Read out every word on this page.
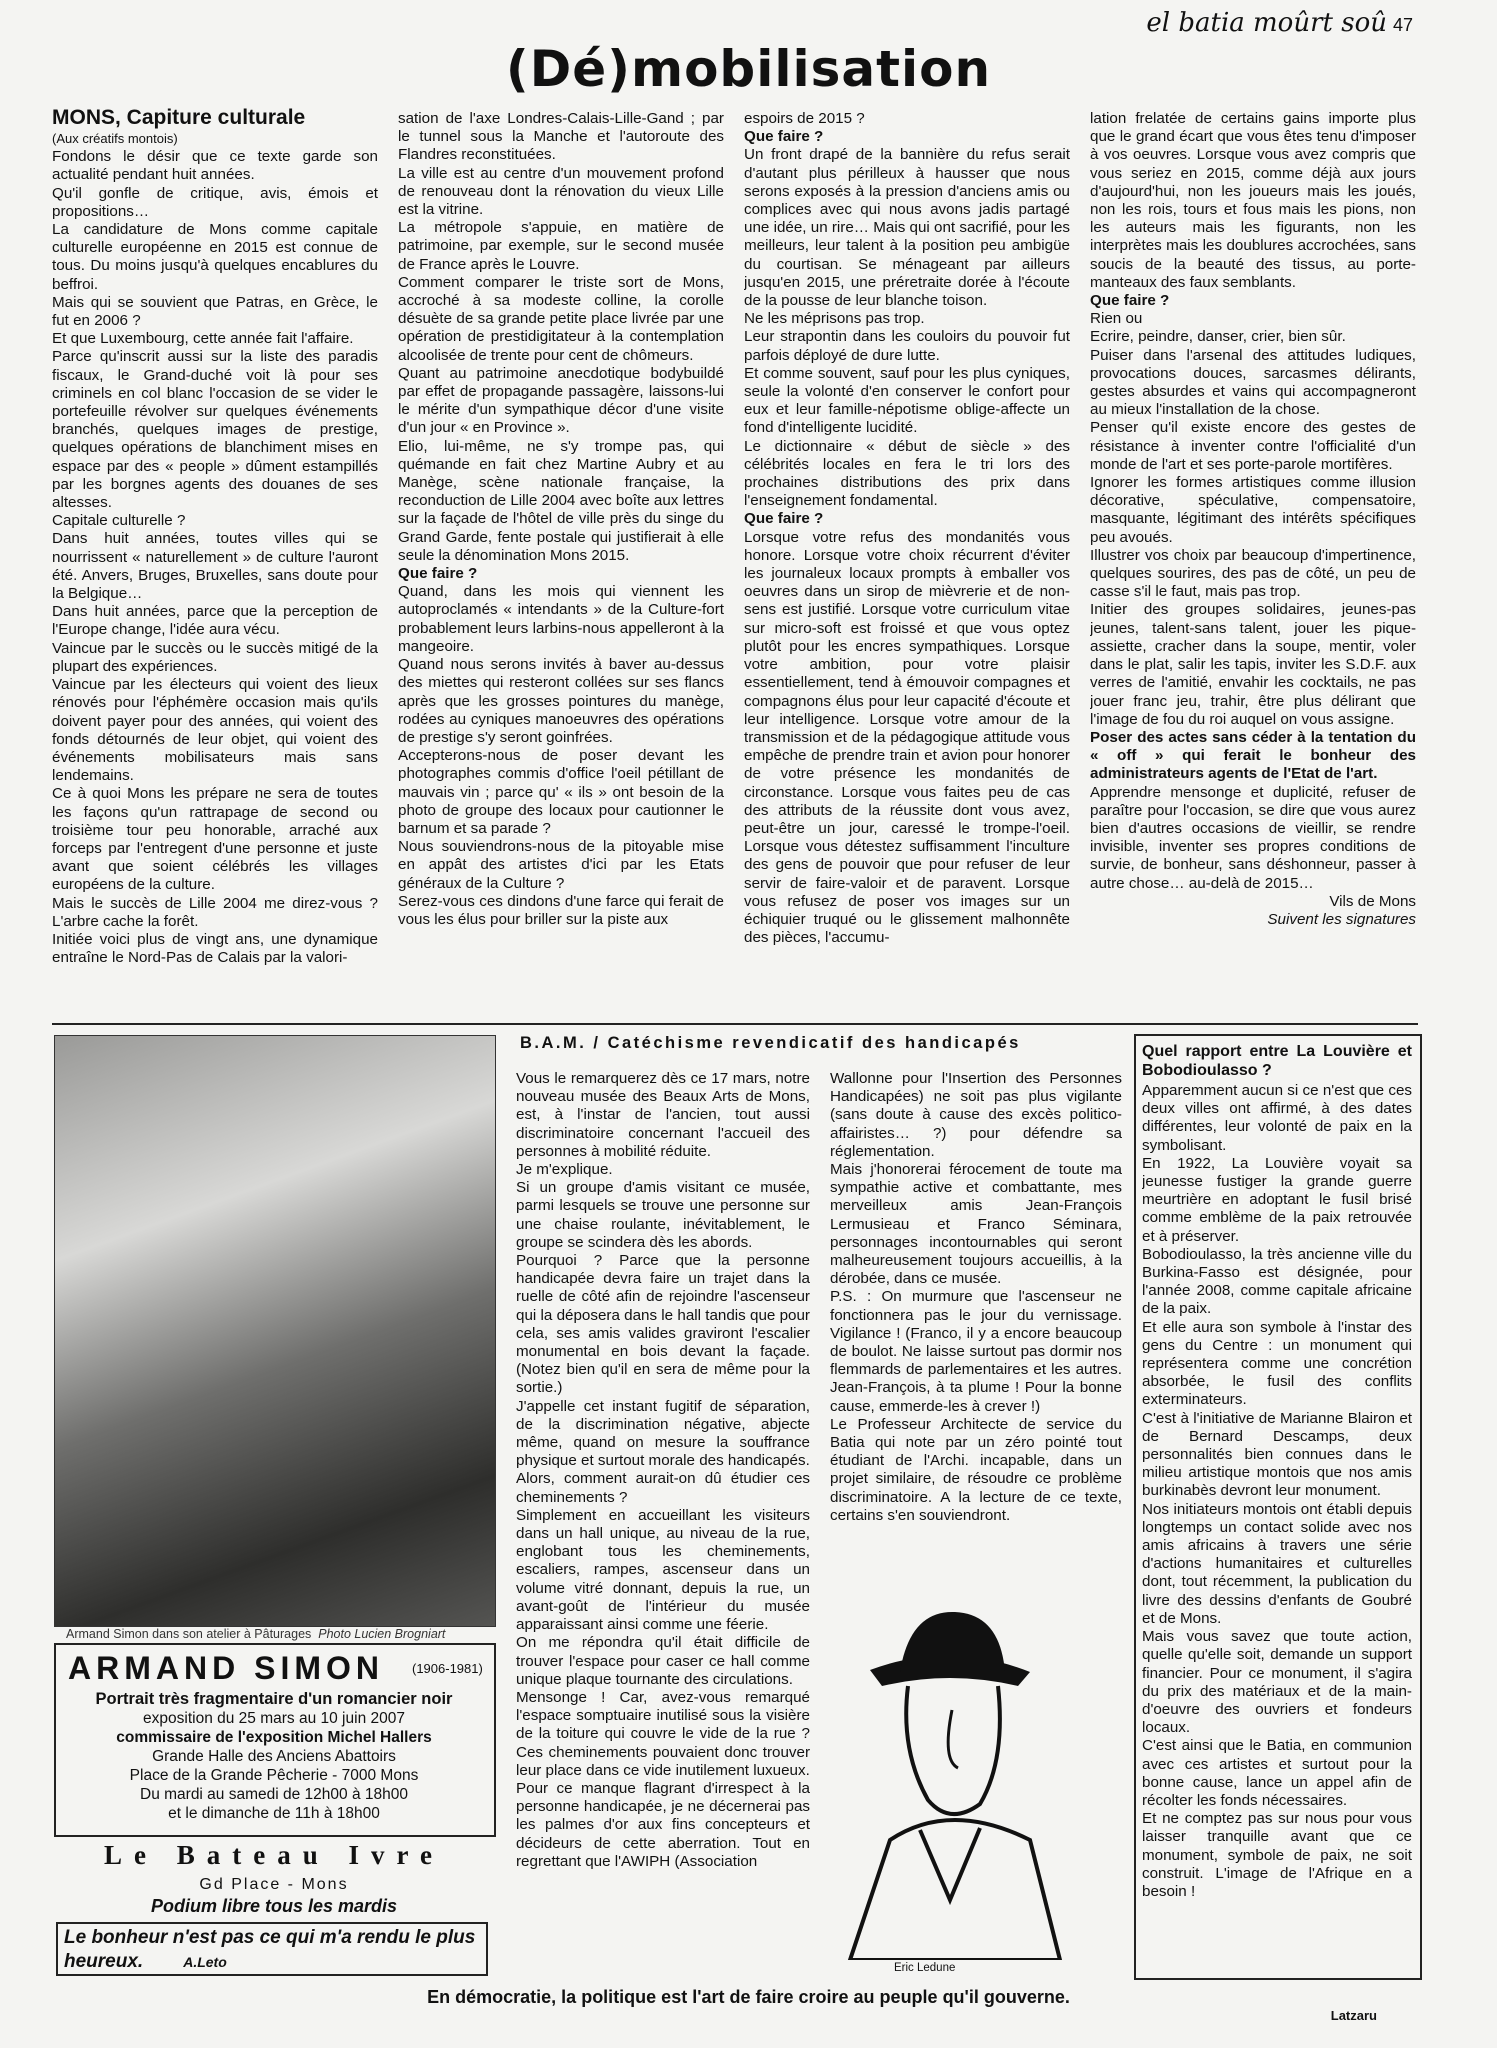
el batia moûrt soû 47
(Dé)mobilisation
MONS, Capiture culturale

(Aux créatifs montois)

Fondons le désir que ce texte garde son actualité pendant huit années.

Qu'il gonfle de critique, avis, émois et propositions…

La candidature de Mons comme capitale culturelle européenne en 2015 est connue de tous. Du moins jusqu'à quelques encablures du beffroi.

Mais qui se souvient que Patras, en Grèce, le fut en 2006 ?

Et que Luxembourg, cette année fait l'affaire.

Parce qu'inscrit aussi sur la liste des paradis fiscaux, le Grand-duché voit là pour ses criminels en col blanc l'occasion de se vider le portefeuille révolver sur quelques événements branchés, quelques images de prestige, quelques opérations de blanchiment mises en espace par des « people » dûment estampillés par les borgnes agents des douanes de ses altesses.

Capitale culturelle ?

Dans huit années, toutes villes qui se nourrissent « naturellement » de culture l'auront été. Anvers, Bruges, Bruxelles, sans doute pour la Belgique…

Dans huit années, parce que la perception de l'Europe change, l'idée aura vécu.

Vaincue par le succès ou le succès mitigé de la plupart des expériences.

Vaincue par les électeurs qui voient des lieux rénovés pour l'éphémère occasion mais qu'ils doivent payer pour des années, qui voient des fonds détournés de leur objet, qui voient des événements mobilisateurs mais sans lendemains.

Ce à quoi Mons les prépare ne sera de toutes les façons qu'un rattrapage de second ou troisième tour peu honorable, arraché aux forceps par l'entregent d'une personne et juste avant que soient célébrés les villages européens de la culture.

Mais le succès de Lille 2004 me direz-vous ? L'arbre cache la forêt.

Initiée voici plus de vingt ans, une dynamique entraîne le Nord-Pas de Calais par la valori-

sation de l'axe Londres-Calais-Lille-Gand ; par le tunnel sous la Manche et l'autoroute des Flandres reconstituées.

La ville est au centre d'un mouvement profond de renouveau dont la rénovation du vieux Lille est la vitrine.

La métropole s'appuie, en matière de patrimoine, par exemple, sur le second musée de France après le Louvre.

Comment comparer le triste sort de Mons, accroché à sa modeste colline, la corolle désuète de sa grande petite place livrée par une opération de prestidigitateur à la contemplation alcoolisée de trente pour cent de chômeurs.

Quant au patrimoine anecdotique bodybuildé par effet de propagande passagère, laissons-lui le mérite d'un sympathique décor d'une visite d'un jour « en Province ».

Elio, lui-même, ne s'y trompe pas, qui quémande en fait chez Martine Aubry et au Manège, scène nationale française, la reconduction de Lille 2004 avec boîte aux lettres sur la façade de l'hôtel de ville près du singe du Grand Garde, fente postale qui justifierait à elle seule la dénomination Mons 2015.

Que faire ?

Quand, dans les mois qui viennent les autoproclamés « intendants » de la Culture-fort probablement leurs larbins-nous appelleront à la mangeoire.

Quand nous serons invités à baver au-dessus des miettes qui resteront collées sur ses flancs après que les grosses pointures du manège, rodées au cyniques manoeuvres des opérations de prestige s'y seront goinfrées.

Accepterons-nous de poser devant les photographes commis d'office l'oeil pétillant de mauvais vin ; parce qu' « ils » ont besoin de la photo de groupe des locaux pour cautionner le barnum et sa parade ?

Nous souviendrons-nous de la pitoyable mise en appât des artistes d'ici par les Etats généraux de la Culture ?

Serez-vous ces dindons d'une farce qui ferait de vous les élus pour briller sur la piste aux

espoirs de 2015 ?

Que faire ?

Un front drapé de la bannière du refus serait d'autant plus périlleux à hausser que nous serons exposés à la pression d'anciens amis ou complices avec qui nous avons jadis partagé une idée, un rire… Mais qui ont sacrifié, pour les meilleurs, leur talent à la position peu ambigüe du courtisan. Se ménageant par ailleurs jusqu'en 2015, une préretraite dorée à l'écoute de la pousse de leur blanche toison.

Ne les méprisons pas trop.

Leur strapontin dans les couloirs du pouvoir fut parfois déployé de dure lutte.

Et comme souvent, sauf pour les plus cyniques, seule la volonté d'en conserver le confort pour eux et leur famille-népotisme oblige-affecte un fond d'intelligente lucidité.

Le dictionnaire « début de siècle » des célébrités locales en fera le tri lors des prochaines distributions des prix dans l'enseignement fondamental.

Que faire ?

Lorsque votre refus des mondanités vous honore. Lorsque votre choix récurrent d'éviter les journaleux locaux prompts à emballer vos oeuvres dans un sirop de mièvrerie et de non-sens est justifié. Lorsque votre curriculum vitae sur micro-soft est froissé et que vous optez plutôt pour les encres sympathiques. Lorsque votre ambition, pour votre plaisir essentiellement, tend à émouvoir compagnes et compagnons élus pour leur capacité d'écoute et leur intelligence. Lorsque votre amour de la transmission et de la pédagogique attitude vous empêche de prendre train et avion pour honorer de votre présence les mondanités de circonstance. Lorsque vous faites peu de cas des attributs de la réussite dont vous avez, peut-être un jour, caressé le trompe-l'oeil. Lorsque vous détestez suffisamment l'inculture des gens de pouvoir que pour refuser de leur servir de faire-valoir et de paravent. Lorsque vous refusez de poser vos images sur un échiquier truqué ou le glissement malhonnête des pièces, l'accumu-

lation frelatée de certains gains importe plus que le grand écart que vous êtes tenu d'imposer à vos oeuvres. Lorsque vous avez compris que vous seriez en 2015, comme déjà aux jours d'aujourd'hui, non les joueurs mais les joués, non les rois, tours et fous mais les pions, non les auteurs mais les figurants, non les interprètes mais les doublures accrochées, sans soucis de la beauté des tissus, au porte-manteaux des faux semblants.

Que faire ?

Rien ou

Ecrire, peindre, danser, crier, bien sûr.

Puiser dans l'arsenal des attitudes ludiques, provocations douces, sarcasmes délirants, gestes absurdes et vains qui accompagneront au mieux l'installation de la chose.

Penser qu'il existe encore des gestes de résistance à inventer contre l'officialité d'un monde de l'art et ses porte-parole mortifères.

Ignorer les formes artistiques comme illusion décorative, spéculative, compensatoire, masquante, légitimant des intérêts spécifiques peu avoués.

Illustrer vos choix par beaucoup d'impertinence, quelques sourires, des pas de côté, un peu de casse s'il le faut, mais pas trop.

Initier des groupes solidaires, jeunes-pas jeunes, talent-sans talent, jouer les pique-assiette, cracher dans la soupe, mentir, voler dans le plat, salir les tapis, inviter les S.D.F. aux verres de l'amitié, envahir les cocktails, ne pas jouer franc jeu, trahir, être plus délirant que l'image de fou du roi auquel on vous assigne.

Poser des actes sans céder à la tentation du « off » qui ferait le bonheur des administrateurs agents de l'Etat de l'art.

Apprendre mensonge et duplicité, refuser de paraître pour l'occasion, se dire que vous aurez bien d'autres occasions de vieillir, se rendre invisible, inventer ses propres conditions de survie, de bonheur, sans déshonneur, passer à autre chose… au-delà de 2015…

Vils de Mons

Suivent les signatures

Armand Simon dans son atelier à Pâturages Photo Lucien Brogniart
ARMAND SIMON (1906-1981)
Portrait très fragmentaire d'un romancier noir
exposition du 25 mars au 10 juin 2007
commissaire de l'exposition Michel Hallers
Grande Halle des Anciens Abattoirs
Place de la Grande Pêcherie - 7000 Mons
Du mardi au samedi de 12h00 à 18h00
et le dimanche de 11h à 18h00
Le Bateau Ivre
Gd Place - Mons
Podium libre tous les mardis
Le bonheur n'est pas ce qui m'a rendu le plus heureux.	A.Leto
B.A.M. / Catéchisme revendicatif des handicapés

Vous le remarquerez dès ce 17 mars, notre nouveau musée des Beaux Arts de Mons, est, à l'instar de l'ancien, tout aussi discriminatoire concernant l'accueil des personnes à mobilité réduite.

Je m'explique.

Si un groupe d'amis visitant ce musée, parmi lesquels se trouve une personne sur une chaise roulante, inévitablement, le groupe se scindera dès les abords.

Pourquoi ? Parce que la personne handicapée devra faire un trajet dans la ruelle de côté afin de rejoindre l'ascenseur qui la déposera dans le hall tandis que pour cela, ses amis valides graviront l'escalier monumental en bois devant la façade. (Notez bien qu'il en sera de même pour la sortie.)

J'appelle cet instant fugitif de séparation, de la discrimination négative, abjecte même, quand on mesure la souffrance physique et surtout morale des handicapés.

Alors, comment aurait-on dû étudier ces cheminements ?

Simplement en accueillant les visiteurs dans un hall unique, au niveau de la rue, englobant tous les cheminements, escaliers, rampes, ascenseur dans un volume vitré donnant, depuis la rue, un avant-goût de l'intérieur du musée apparaissant ainsi comme une féerie.

On me répondra qu'il était difficile de trouver l'espace pour caser ce hall comme unique plaque tournante des circulations.

Mensonge ! Car, avez-vous remarqué l'espace somptuaire inutilisé sous la visière de la toiture qui couvre le vide de la rue ? Ces cheminements pouvaient donc trouver leur place dans ce vide inutilement luxueux.

Pour ce manque flagrant d'irrespect à la personne handicapée, je ne décernerai pas les palmes d'or aux fins concepteurs et décideurs de cette aberration. Tout en regrettant que l'AWIPH (Association

Wallonne pour l'Insertion des Personnes Handicapées) ne soit pas plus vigilante (sans doute à cause des excès politico-affairistes… ?) pour défendre sa réglementation.

Mais j'honorerai férocement de toute ma sympathie active et combattante, mes merveilleux amis Jean-François Lermusieau et Franco Séminara, personnages incontournables qui seront malheureusement toujours accueillis, à la dérobée, dans ce musée.

P.S. : On murmure que l'ascenseur ne fonctionnera pas le jour du vernissage. Vigilance ! (Franco, il y a encore beaucoup de boulot. Ne laisse surtout pas dormir nos flemmards de parlementaires et les autres. Jean-François, à ta plume ! Pour la bonne cause, emmerde-les à crever !)

Le Professeur Architecte de service du Batia qui note par un zéro pointé tout étudiant de l'Archi. incapable, dans un projet similaire, de résoudre ce problème discriminatoire. A la lecture de ce texte, certains s'en souviendront.

Eric Ledune
Quel rapport entre La Louvière et Bobodioulasso ?

Apparemment aucun si ce n'est que ces deux villes ont affirmé, à des dates différentes, leur volonté de paix en la symbolisant.

En 1922, La Louvière voyait sa jeunesse fustiger la grande guerre meurtrière en adoptant le fusil brisé comme emblème de la paix retrouvée et à préserver.

Bobodioulasso, la très ancienne ville du Burkina-Fasso est désignée, pour l'année 2008, comme capitale africaine de la paix.

Et elle aura son symbole à l'instar des gens du Centre : un monument qui représentera comme une concrétion absorbée, le fusil des conflits exterminateurs.

C'est à l'initiative de Marianne Blairon et de Bernard Descamps, deux personnalités bien connues dans le milieu artistique montois que nos amis burkinabès devront leur monument.

Nos initiateurs montois ont établi depuis longtemps un contact solide avec nos amis africains à travers une série d'actions humanitaires et culturelles dont, tout récemment, la publication du livre des dessins d'enfants de Goubré et de Mons.

Mais vous savez que toute action, quelle qu'elle soit, demande un support financier. Pour ce monument, il s'agira du prix des matériaux et de la main-d'oeuvre des ouvriers et fondeurs locaux.

C'est ainsi que le Batia, en communion avec ces artistes et surtout pour la bonne cause, lance un appel afin de récolter les fonds nécessaires.

Et ne comptez pas sur nous pour vous laisser tranquille avant que ce monument, symbole de paix, ne soit construit. L'image de l'Afrique en a besoin !

En démocratie, la politique est l'art de faire croire au peuple qu'il gouverne.
Latzaru
